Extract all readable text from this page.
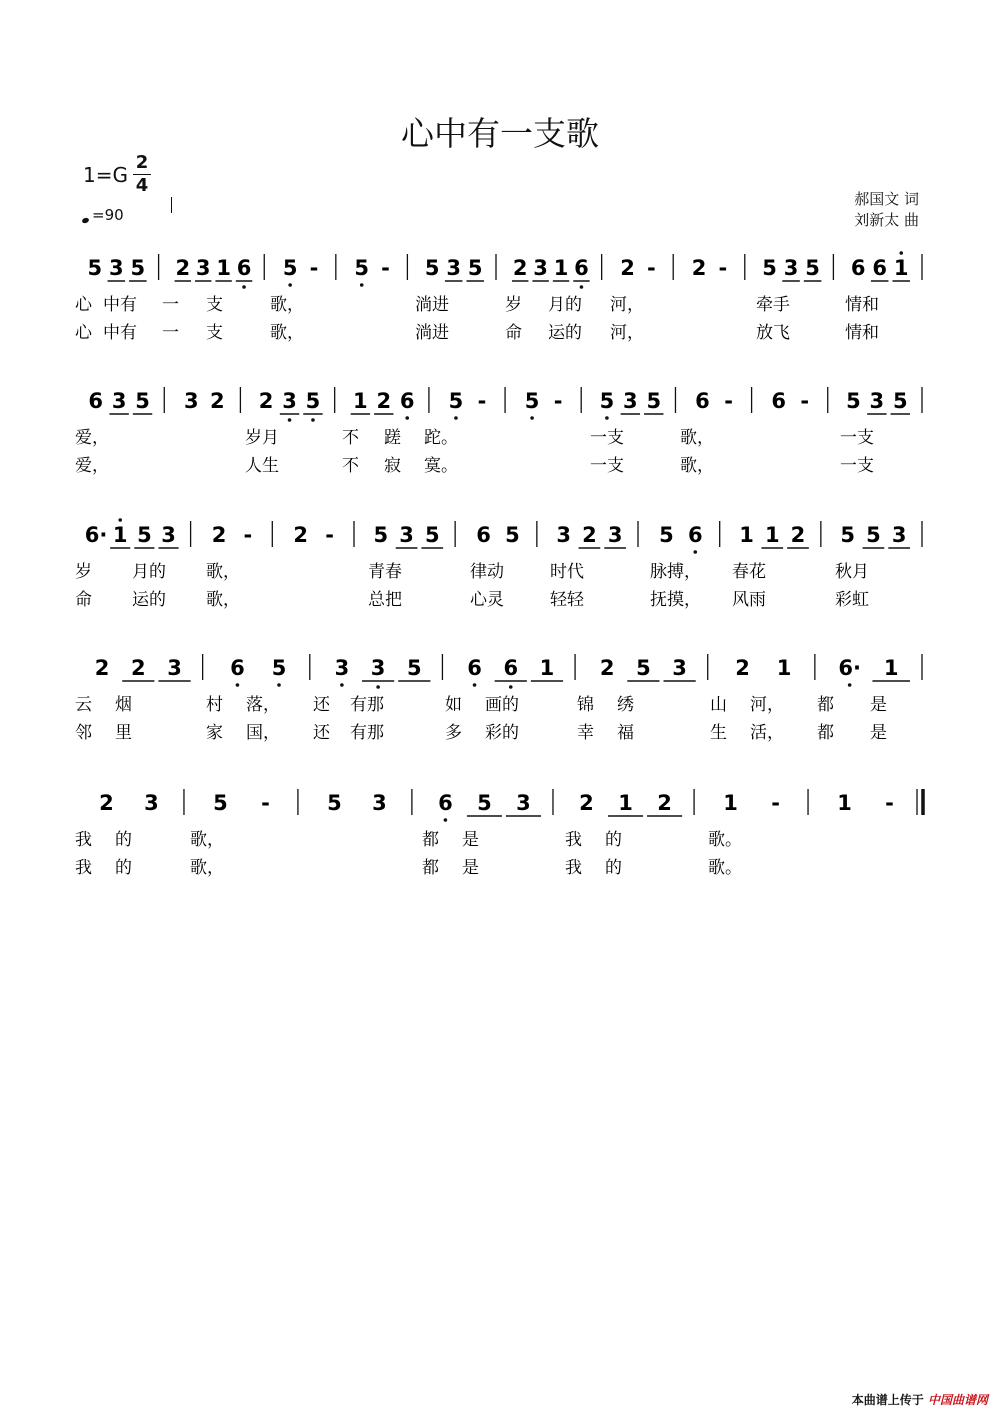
心中有一支歌
1=G
2
4
=90
郝国文 词
刘新太 曲
5 3 5 2 3 1 6 5 - 5 - 5 3 5 2 3 1 6 2 - 2 - 5 3 5 6 6 1
心 中有 一 支	歌，	淌进	岁 月的 河，	牵手	情和
心 中有 一 支	歌，	淌进	命 运的 河，	放飞	情和
6 3 5 3 2 2 3 5 1 2 6 5 - 5 - 5 3 5 6 - 6 - 5 3 5
爱，	岁月	不 蹉 跎。	一支	歌，	一支
爱，	人生	不 寂 寞。	一支	歌，	一支
6· 1 5 3 2 - 2 - 5 3 5 6 5 3 2 3 5 6 1 1 2 5 5 3
岁 月的 歌，	青春	律动	时代	脉搏， 春花	秋月
命 运的 歌，	总把	心灵	轻轻	抚摸， 风雨	彩虹
2 2 3 6 5 3 3 5 6 6 1 2 5 3 2 1 6· 1
云 烟	村 落， 还 有那	如 画的	锦 绣	山 河， 都 是
邻 里	家 国， 还 有那	多 彩的	幸 福	生 活， 都 是
2 3	5 -	5 3 6 5 3 2 1 2 1 -	1 -
我 的	歌，	都 是	我 的	歌。
我 的	歌，	都 是	我 的	歌。
本曲谱上传于 中国曲谱网
